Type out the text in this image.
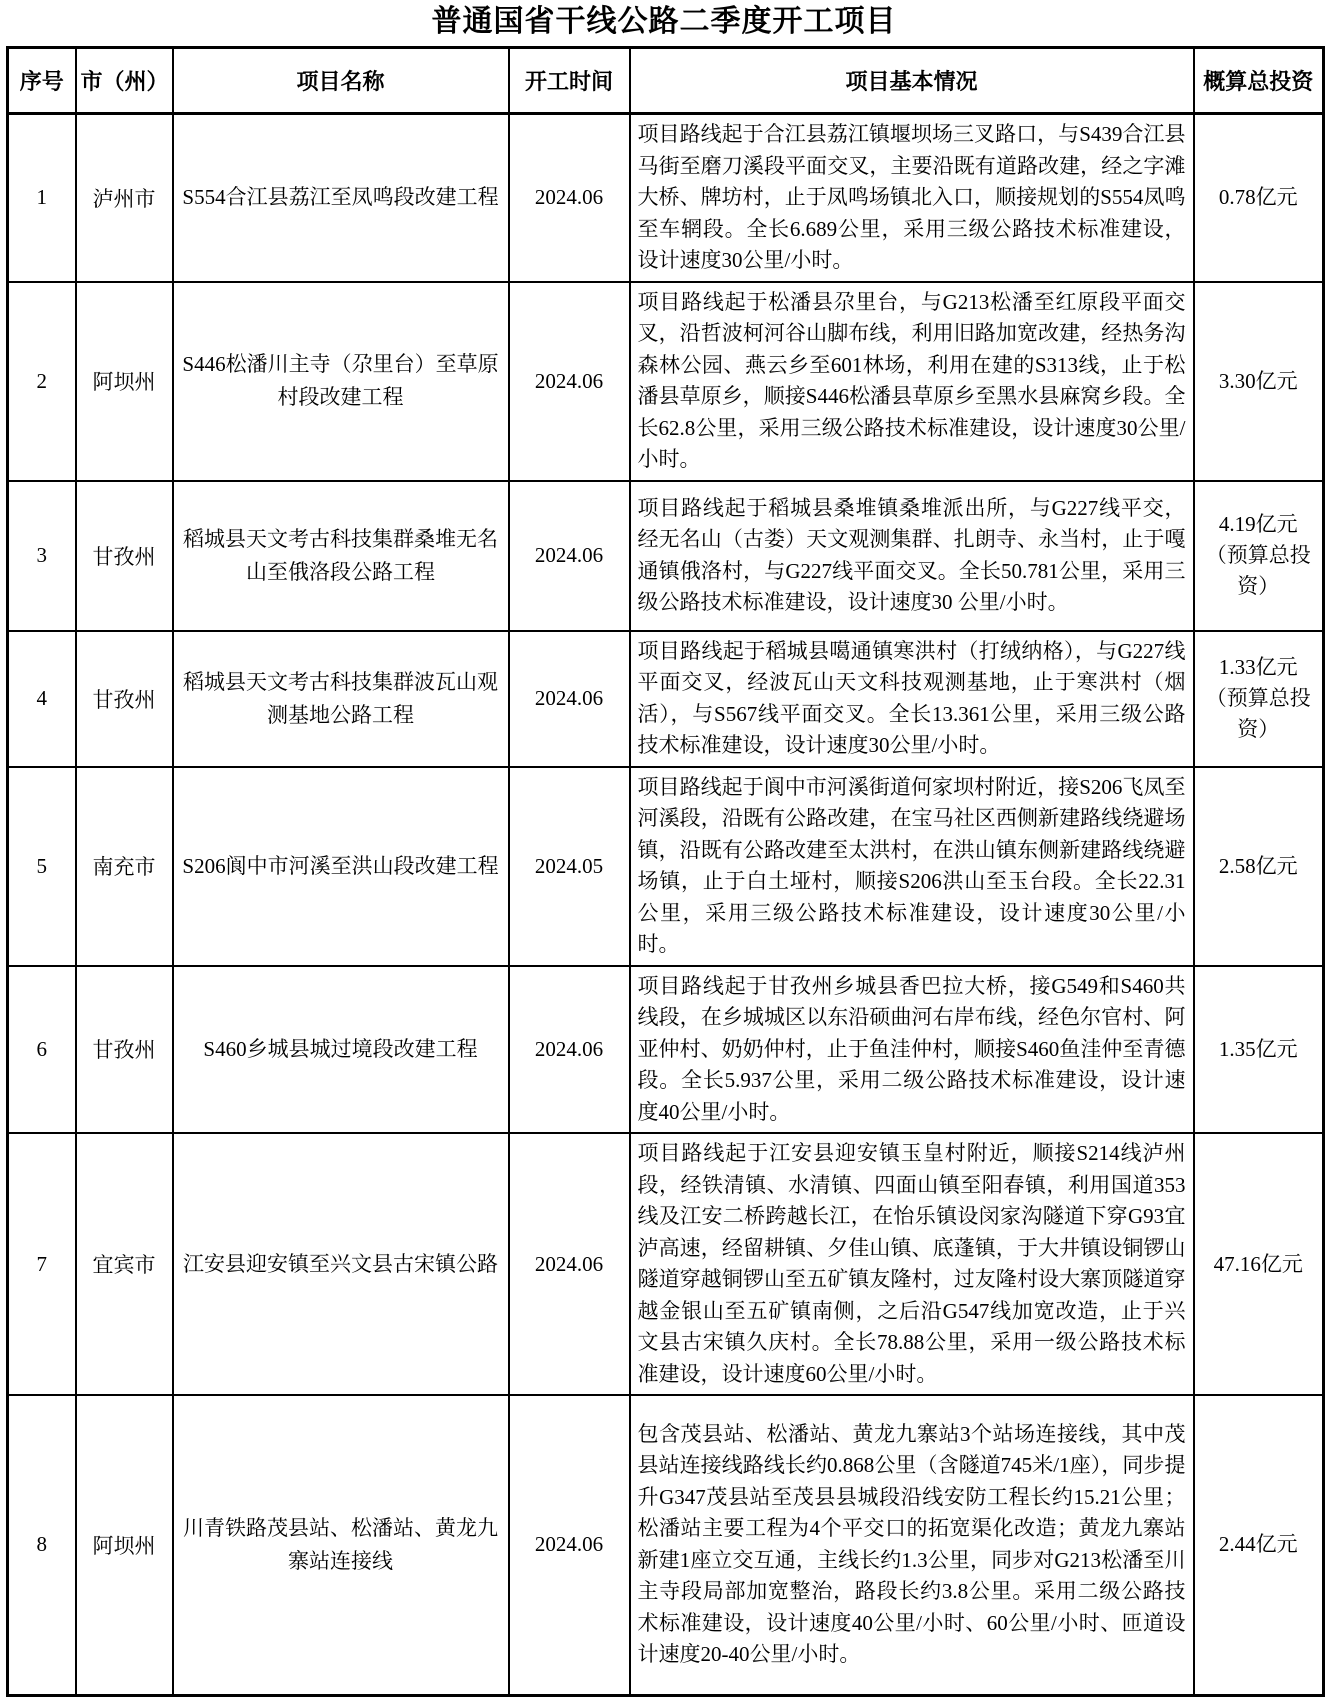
普通国省干线公路二季度开工项目
序号	市（州）	项目名称	开工时间	项目基本情况	概算总投资
1	泸州市	S554合江县荔江至凤鸣段改建工程	2024.06	项目路线起于合江县荔江镇堰坝场三叉路口，与S439合江县马街至磨刀溪段平面交叉，主要沿既有道路改建，经之字滩大桥、牌坊村，止于凤鸣场镇北入口，顺接规划的S554凤鸣至车辋段。全长6.689公里，采用三级公路技术标准建设，设计速度30公里/小时。	0.78亿元
2	阿坝州	S446松潘川主寺（尕里台）至草原村段改建工程	2024.06	项目路线起于松潘县尕里台，与G213松潘至红原段平面交叉，沿哲波柯河谷山脚布线，利用旧路加宽改建，经热务沟森林公园、燕云乡至601林场，利用在建的S313线，止于松潘县草原乡，顺接S446松潘县草原乡至黑水县麻窝乡段。全长62.8公里，采用三级公路技术标准建设，设计速度30公里/小时。	3.30亿元
3	甘孜州	稻城县天文考古科技集群桑堆无名山至俄洛段公路工程	2024.06	项目路线起于稻城县桑堆镇桑堆派出所，与G227线平交，经无名山（古娄）天文观测集群、扎朗寺、永当村，止于嘎通镇俄洛村，与G227线平面交叉。全长50.781公里，采用三级公路技术标准建设，设计速度30 公里/小时。	4.19亿元（预算总投资）
4	甘孜州	稻城县天文考古科技集群波瓦山观测基地公路工程	2024.06	项目路线起于稻城县噶通镇寒洪村（打绒纳格），与G227线平面交叉，经波瓦山天文科技观测基地，止于寒洪村（烟活），与S567线平面交叉。全长13.361公里，采用三级公路技术标准建设，设计速度30公里/小时。	1.33亿元（预算总投资）
5	南充市	S206阆中市河溪至洪山段改建工程	2024.05	项目路线起于阆中市河溪街道何家坝村附近，接S206飞凤至河溪段，沿既有公路改建，在宝马社区西侧新建路线绕避场镇，沿既有公路改建至太洪村，在洪山镇东侧新建路线绕避场镇，止于白土垭村，顺接S206洪山至玉台段。全长22.31公里，采用三级公路技术标准建设，设计速度30公里/小时。	2.58亿元
6	甘孜州	S460乡城县城过境段改建工程	2024.06	项目路线起于甘孜州乡城县香巴拉大桥，接G549和S460共线段，在乡城城区以东沿硕曲河右岸布线，经色尔官村、阿亚仲村、奶奶仲村，止于鱼洼仲村，顺接S460鱼洼仲至青德段。全长5.937公里，采用二级公路技术标准建设，设计速度40公里/小时。	1.35亿元
7	宜宾市	江安县迎安镇至兴文县古宋镇公路	2024.06	项目路线起于江安县迎安镇玉皇村附近，顺接S214线泸州段，经铁清镇、水清镇、四面山镇至阳春镇，利用国道353线及江安二桥跨越长江，在怡乐镇设闵家沟隧道下穿G93宜泸高速，经留耕镇、夕佳山镇、底蓬镇，于大井镇设铜锣山隧道穿越铜锣山至五矿镇友隆村，过友隆村设大寨顶隧道穿越金银山至五矿镇南侧，之后沿G547线加宽改造，止于兴文县古宋镇久庆村。全长78.88公里，采用一级公路技术标准建设，设计速度60公里/小时。	47.16亿元
8	阿坝州	川青铁路茂县站、松潘站、黄龙九寨站连接线	2024.06	包含茂县站、松潘站、黄龙九寨站3个站场连接线，其中茂县站连接线路线长约0.868公里（含隧道745米/1座），同步提升G347茂县站至茂县县城段沿线安防工程长约15.21公里；松潘站主要工程为4个平交口的拓宽渠化改造；黄龙九寨站新建1座立交互通，主线长约1.3公里，同步对G213松潘至川主寺段局部加宽整治，路段长约3.8公里。采用二级公路技术标准建设，设计速度40公里/小时、60公里/小时、匝道设计速度20-40公里/小时。	2.44亿元
